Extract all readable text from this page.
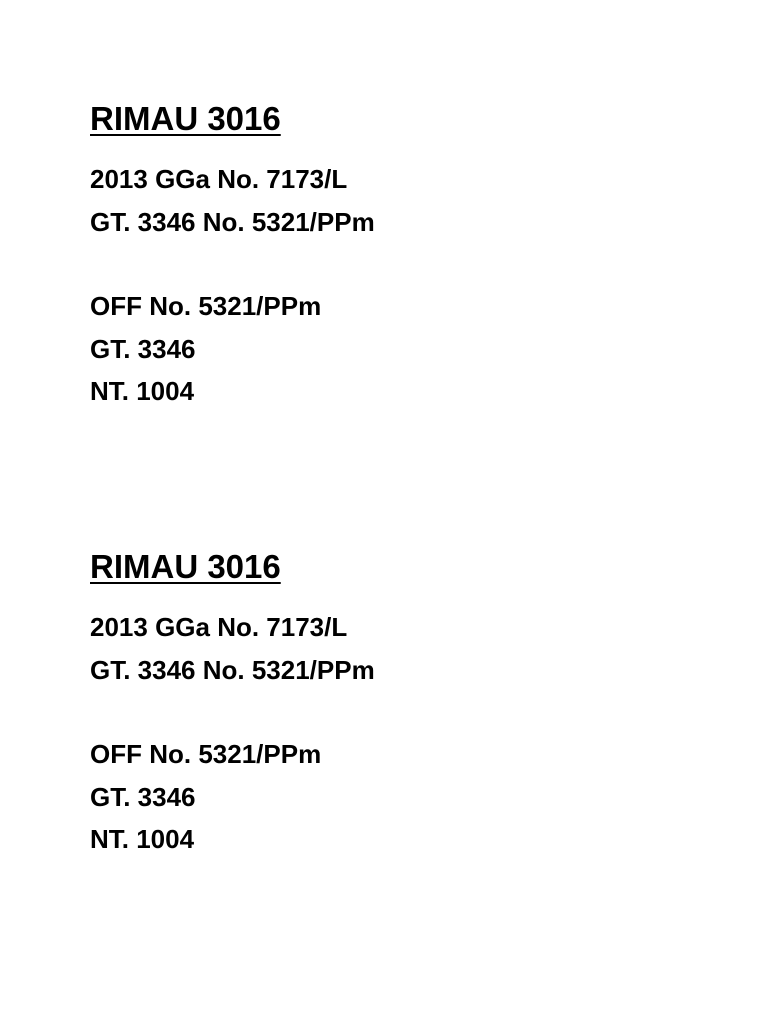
RIMAU 3016
2013 GGa No. 7173/L
GT. 3346 No. 5321/PPm
OFF No. 5321/PPm
GT. 3346
NT. 1004
RIMAU 3016
2013 GGa No. 7173/L
GT. 3346 No. 5321/PPm
OFF No. 5321/PPm
GT. 3346
NT. 1004
